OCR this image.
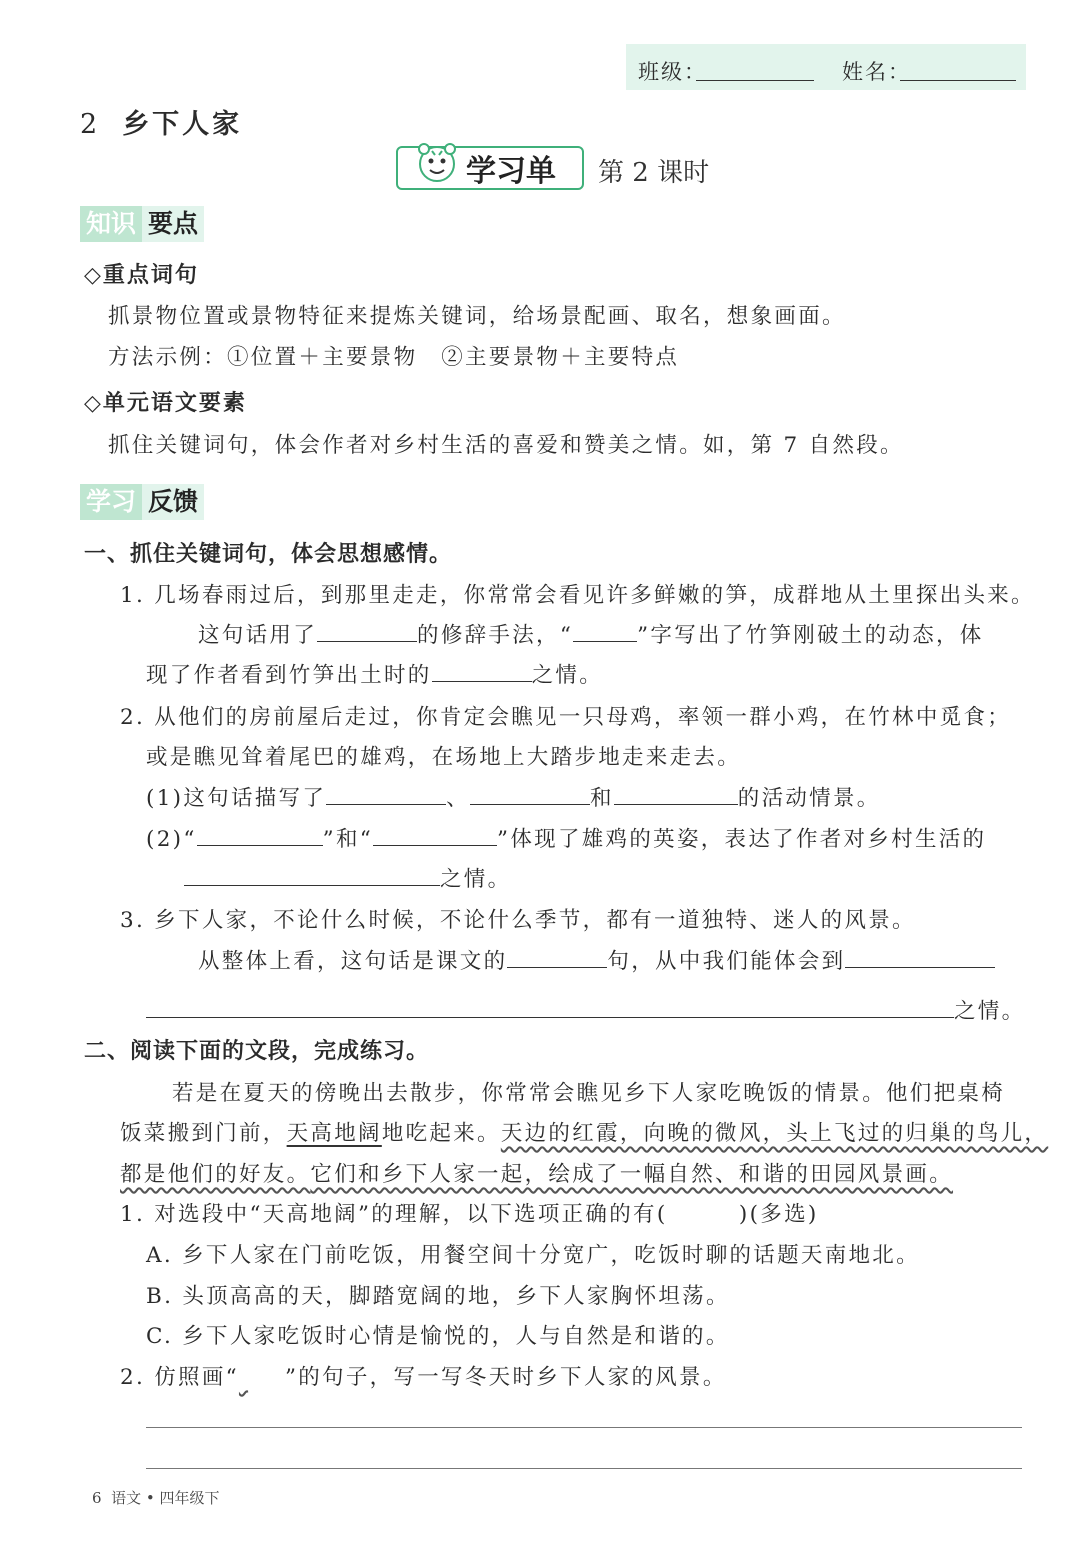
班级：	姓名：
2 乡下人家
学习单 第 2 课时
知识 要点
◇重点词句
抓景物位置或景物特征来提炼关键词，给场景配画、取名，想象画面。
方法示例：①位置＋主要景物　②主要景物＋主要特点
◇单元语文要素
抓住关键词句，体会作者对乡村生活的喜爱和赞美之情。如，第 7 自然段。
学习 反馈
一、抓住关键词句，体会思想感情。
1. 几场春雨过后，到那里走走，你常常会看见许多鲜嫩的笋，成群地从土里探出头来。
这句话用了	的修辞手法，“	”字写出了竹笋刚破土的动态，体
现了作者看到竹笋出土时的	之情。
2. 从他们的房前屋后走过，你肯定会瞧见一只母鸡，率领一群小鸡，在竹林中觅食；
或是瞧见耸着尾巴的雄鸡，在场地上大踏步地走来走去。
(1)这句话描写了	、	和	的活动情景。
(2)“	”和“	”体现了雄鸡的英姿，表达了作者对乡村生活的
之情。
3. 乡下人家，不论什么时候，不论什么季节，都有一道独特、迷人的风景。
从整体上看，这句话是课文的	句，从中我们能体会到
之情。
二、阅读下面的文段，完成练习。
若是在夏天的傍晚出去散步，你常常会瞧见乡下人家吃晚饭的情景。他们把桌椅
饭菜搬到门前，天高地阔地吃起来。天边的红霞，向晚的微风，头上飞过的归巢的鸟儿，
都是他们的好友。它们和乡下人家一起，绘成了一幅自然、和谐的田园风景画。
1. 对选段中“天高地阔”的理解，以下选项正确的有(　　　)(多选)
A. 乡下人家在门前吃饭，用餐空间十分宽广，吃饭时聊的话题天南地北。
B. 头顶高高的天，脚踏宽阔的地，乡下人家胸怀坦荡。
C. 乡下人家吃饭时心情是愉悦的，人与自然是和谐的。
2. 仿照画“ ”的句子，写一写冬天时乡下人家的风景。
6 语文 • 四年级下
